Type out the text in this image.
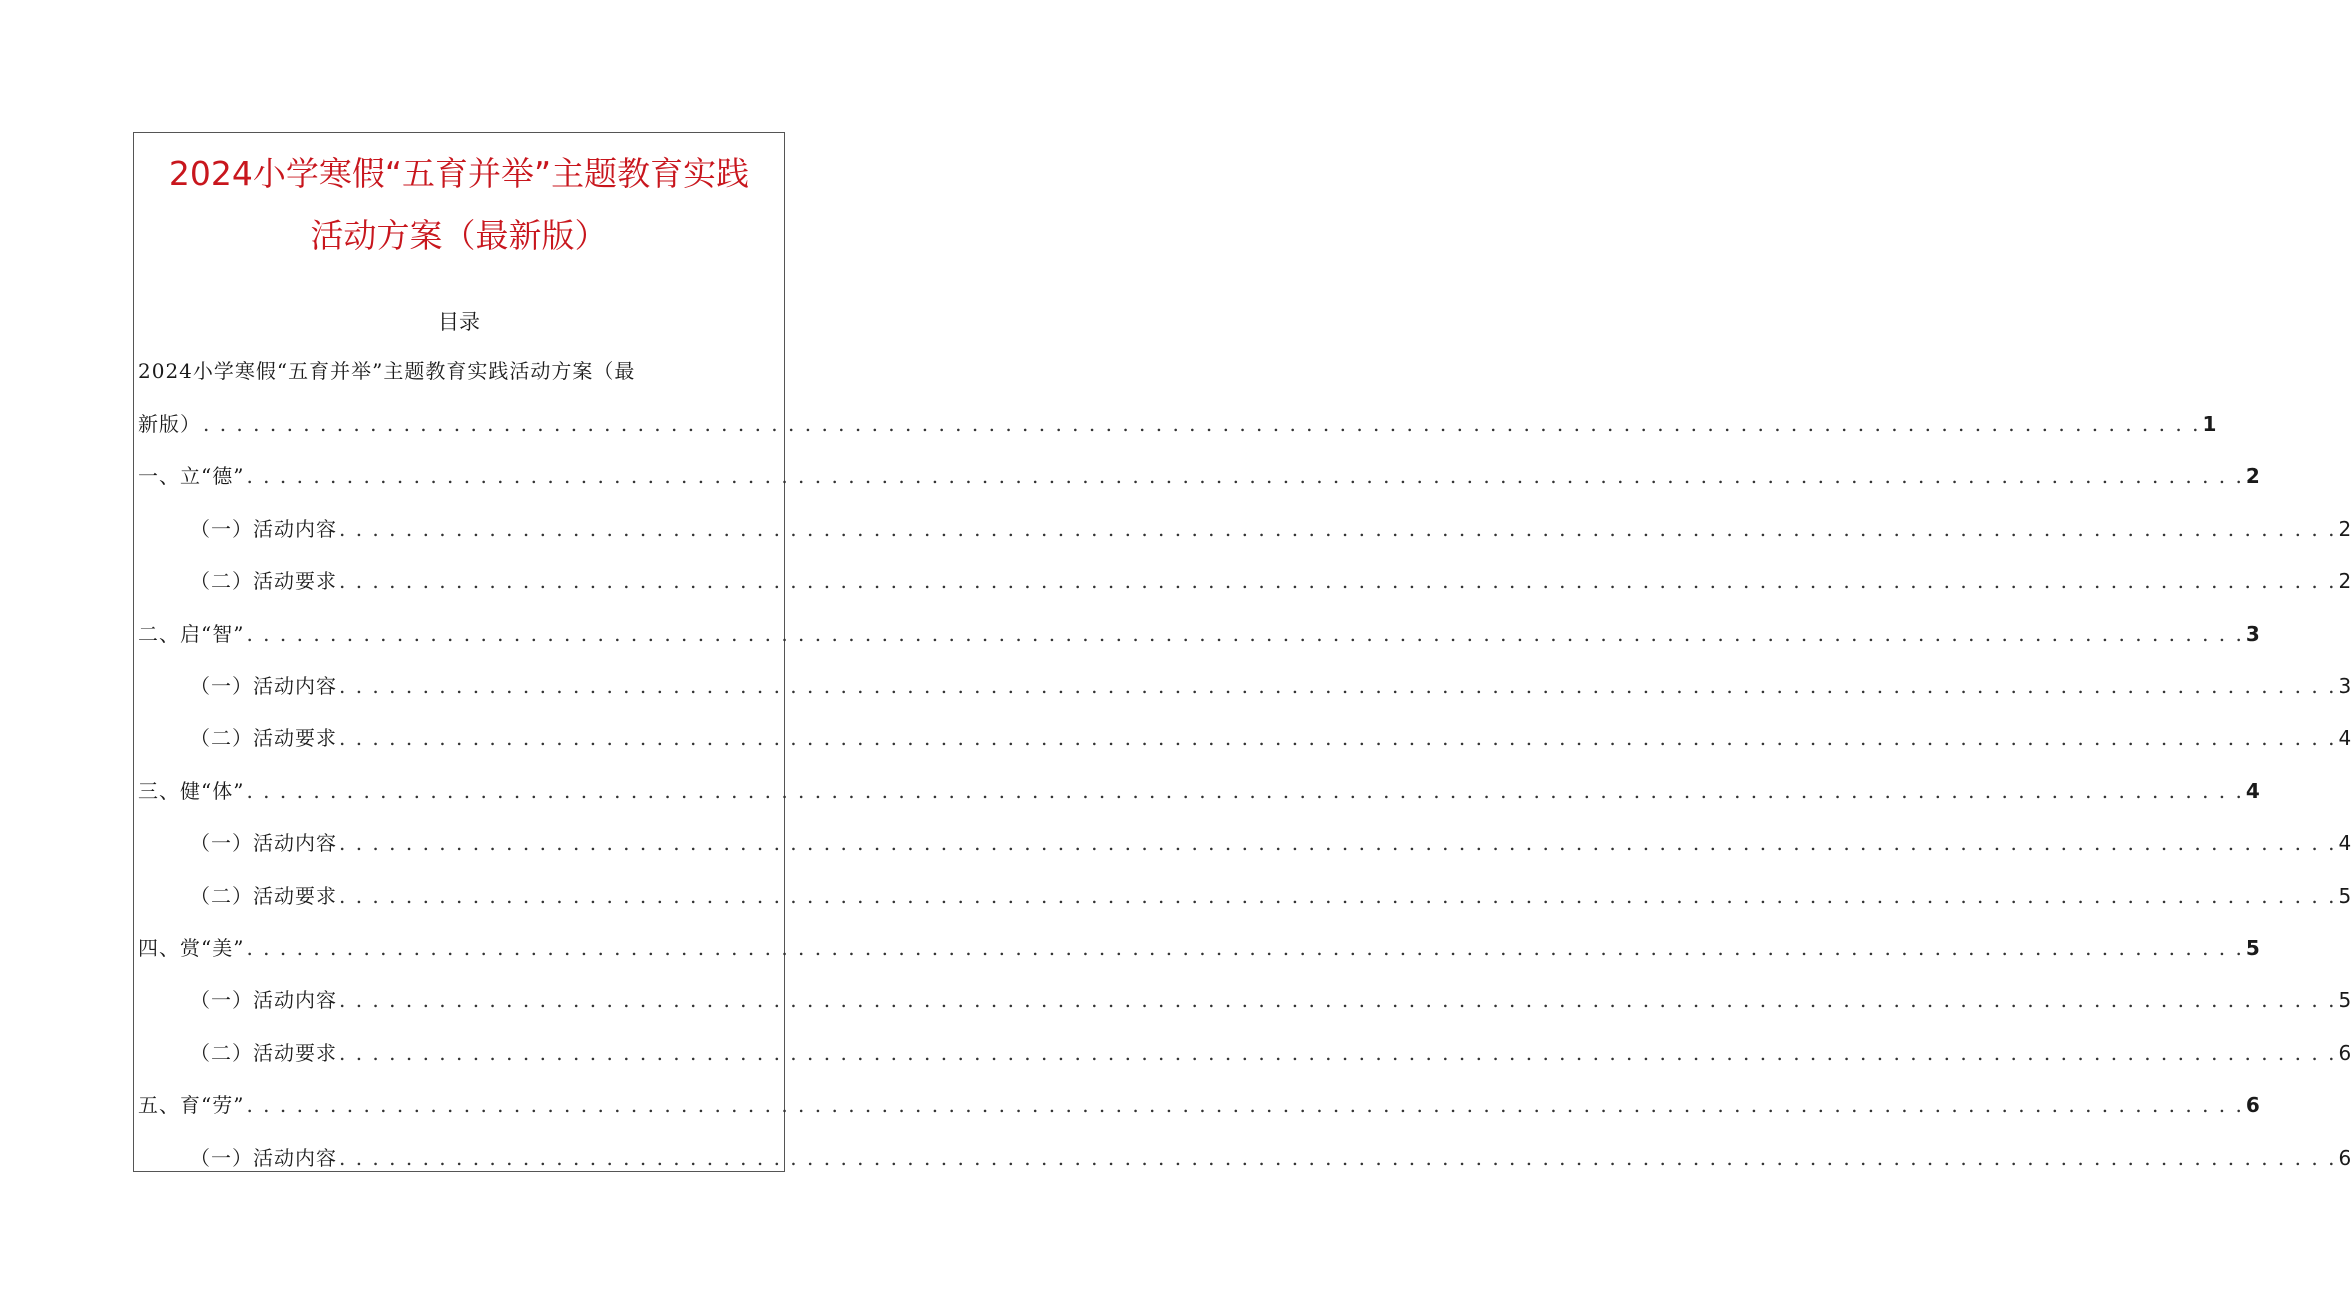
2024小学寒假“五育并举”主题教育实践
活动方案（最新版）
目录
2024小学寒假“五育并举”主题教育实践活动方案（最
新版） . . . . . . . . . . . . . . . . . . . . . . . . . . . . . . . . . . . . . . . . . . . . . . . . . . . . . . . . . . . . . . . . . . . . . . . . . . . . . . . . . . . . . . . . . . . . . . . . . . . . . . . . . . . . . . . . . . . . . . . . 1
一、立“德” . . . . . . . . . . . . . . . . . . . . . . . . . . . . . . . . . . . . . . . . . . . . . . . . . . . . . . . . . . . . . . . . . . . . . . . . . . . . . . . . . . . . . . . . . . . . . . . . . . . . . . . . . . . . . . . . . . . . . . . . 2
（一）活动内容 . . . . . . . . . . . . . . . . . . . . . . . . . . . . . . . . . . . . . . . . . . . . . . . . . . . . . . . . . . . . . . . . . . . . . . . . . . . . . . . . . . . . . . . . . . . . . . . . . . . . . . . . . . . . . . . . . . . . . . . . 2
（二）活动要求 . . . . . . . . . . . . . . . . . . . . . . . . . . . . . . . . . . . . . . . . . . . . . . . . . . . . . . . . . . . . . . . . . . . . . . . . . . . . . . . . . . . . . . . . . . . . . . . . . . . . . . . . . . . . . . . . . . . . . . . . 2
二、启“智” . . . . . . . . . . . . . . . . . . . . . . . . . . . . . . . . . . . . . . . . . . . . . . . . . . . . . . . . . . . . . . . . . . . . . . . . . . . . . . . . . . . . . . . . . . . . . . . . . . . . . . . . . . . . . . . . . . . . . . . . 3
（一）活动内容 . . . . . . . . . . . . . . . . . . . . . . . . . . . . . . . . . . . . . . . . . . . . . . . . . . . . . . . . . . . . . . . . . . . . . . . . . . . . . . . . . . . . . . . . . . . . . . . . . . . . . . . . . . . . . . . . . . . . . . . . 3
（二）活动要求 . . . . . . . . . . . . . . . . . . . . . . . . . . . . . . . . . . . . . . . . . . . . . . . . . . . . . . . . . . . . . . . . . . . . . . . . . . . . . . . . . . . . . . . . . . . . . . . . . . . . . . . . . . . . . . . . . . . . . . . . 4
三、健“体” . . . . . . . . . . . . . . . . . . . . . . . . . . . . . . . . . . . . . . . . . . . . . . . . . . . . . . . . . . . . . . . . . . . . . . . . . . . . . . . . . . . . . . . . . . . . . . . . . . . . . . . . . . . . . . . . . . . . . . . . 4
（一）活动内容 . . . . . . . . . . . . . . . . . . . . . . . . . . . . . . . . . . . . . . . . . . . . . . . . . . . . . . . . . . . . . . . . . . . . . . . . . . . . . . . . . . . . . . . . . . . . . . . . . . . . . . . . . . . . . . . . . . . . . . . . 4
（二）活动要求 . . . . . . . . . . . . . . . . . . . . . . . . . . . . . . . . . . . . . . . . . . . . . . . . . . . . . . . . . . . . . . . . . . . . . . . . . . . . . . . . . . . . . . . . . . . . . . . . . . . . . . . . . . . . . . . . . . . . . . . . 5
四、赏“美” . . . . . . . . . . . . . . . . . . . . . . . . . . . . . . . . . . . . . . . . . . . . . . . . . . . . . . . . . . . . . . . . . . . . . . . . . . . . . . . . . . . . . . . . . . . . . . . . . . . . . . . . . . . . . . . . . . . . . . . . 5
（一）活动内容 . . . . . . . . . . . . . . . . . . . . . . . . . . . . . . . . . . . . . . . . . . . . . . . . . . . . . . . . . . . . . . . . . . . . . . . . . . . . . . . . . . . . . . . . . . . . . . . . . . . . . . . . . . . . . . . . . . . . . . . . 5
（二）活动要求 . . . . . . . . . . . . . . . . . . . . . . . . . . . . . . . . . . . . . . . . . . . . . . . . . . . . . . . . . . . . . . . . . . . . . . . . . . . . . . . . . . . . . . . . . . . . . . . . . . . . . . . . . . . . . . . . . . . . . . . . 6
五、育“劳” . . . . . . . . . . . . . . . . . . . . . . . . . . . . . . . . . . . . . . . . . . . . . . . . . . . . . . . . . . . . . . . . . . . . . . . . . . . . . . . . . . . . . . . . . . . . . . . . . . . . . . . . . . . . . . . . . . . . . . . . 6
（一）活动内容 . . . . . . . . . . . . . . . . . . . . . . . . . . . . . . . . . . . . . . . . . . . . . . . . . . . . . . . . . . . . . . . . . . . . . . . . . . . . . . . . . . . . . . . . . . . . . . . . . . . . . . . . . . . . . . . . . . . . . . . . 6
